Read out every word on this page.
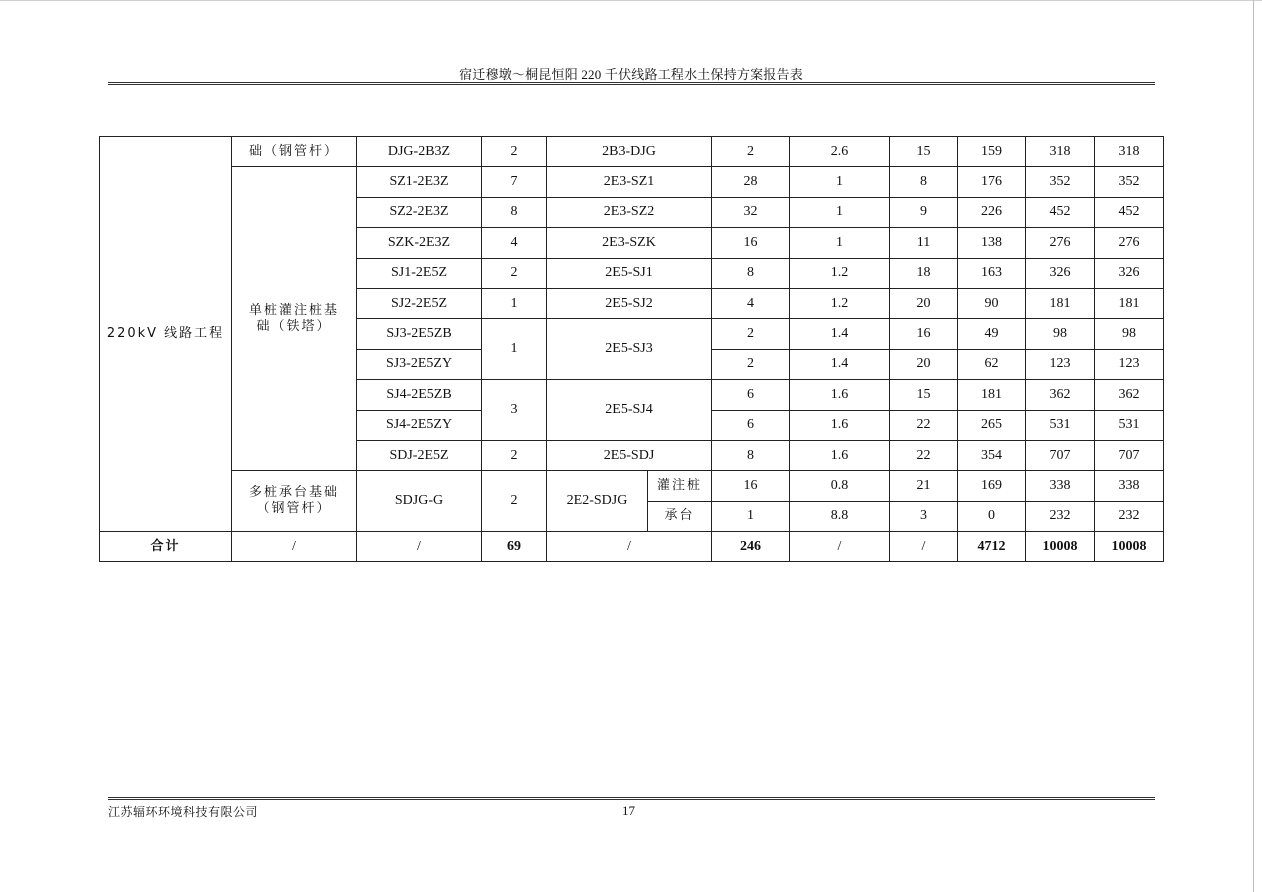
宿迁穆墩～桐昆恒阳 220 千伏线路工程水土保持方案报告表
220kV 线路工程	础（钢管杆）	DJG-2B3Z	2	2B3-DJG		2	2.6	15	159	318	318
	单桩灌注桩基础（铁塔）	SZ1-2E3Z	7	2E3-SZ1		28	1	8	176	352	352
		SZ2-2E3Z	8	2E3-SZ2		32	1	9	226	452	452
		SZK-2E3Z	4	2E3-SZK		16	1	11	138	276	276
		SJ1-2E5Z	2	2E5-SJ1		8	1.2	18	163	326	326
		SJ2-2E5Z	1	2E5-SJ2		4	1.2	20	90	181	181
		SJ3-2E5ZB	1	2E5-SJ3		2	1.4	16	49	98	98
		SJ3-2E5ZY				2	1.4	20	62	123	123
		SJ4-2E5ZB	3	2E5-SJ4		6	1.6	15	181	362	362
		SJ4-2E5ZY				6	1.6	22	265	531	531
		SDJ-2E5Z	2	2E5-SDJ		8	1.6	22	354	707	707
	多桩承台基础（钢管杆）	SDJG-G	2	2E2-SDJG	灌注桩	16	0.8	21	169	338	338
					承台	1	8.8	3	0	232	232
合计	/	/	69	/		246	/	/	4712	10008	10008
江苏辐环环境科技有限公司	17
